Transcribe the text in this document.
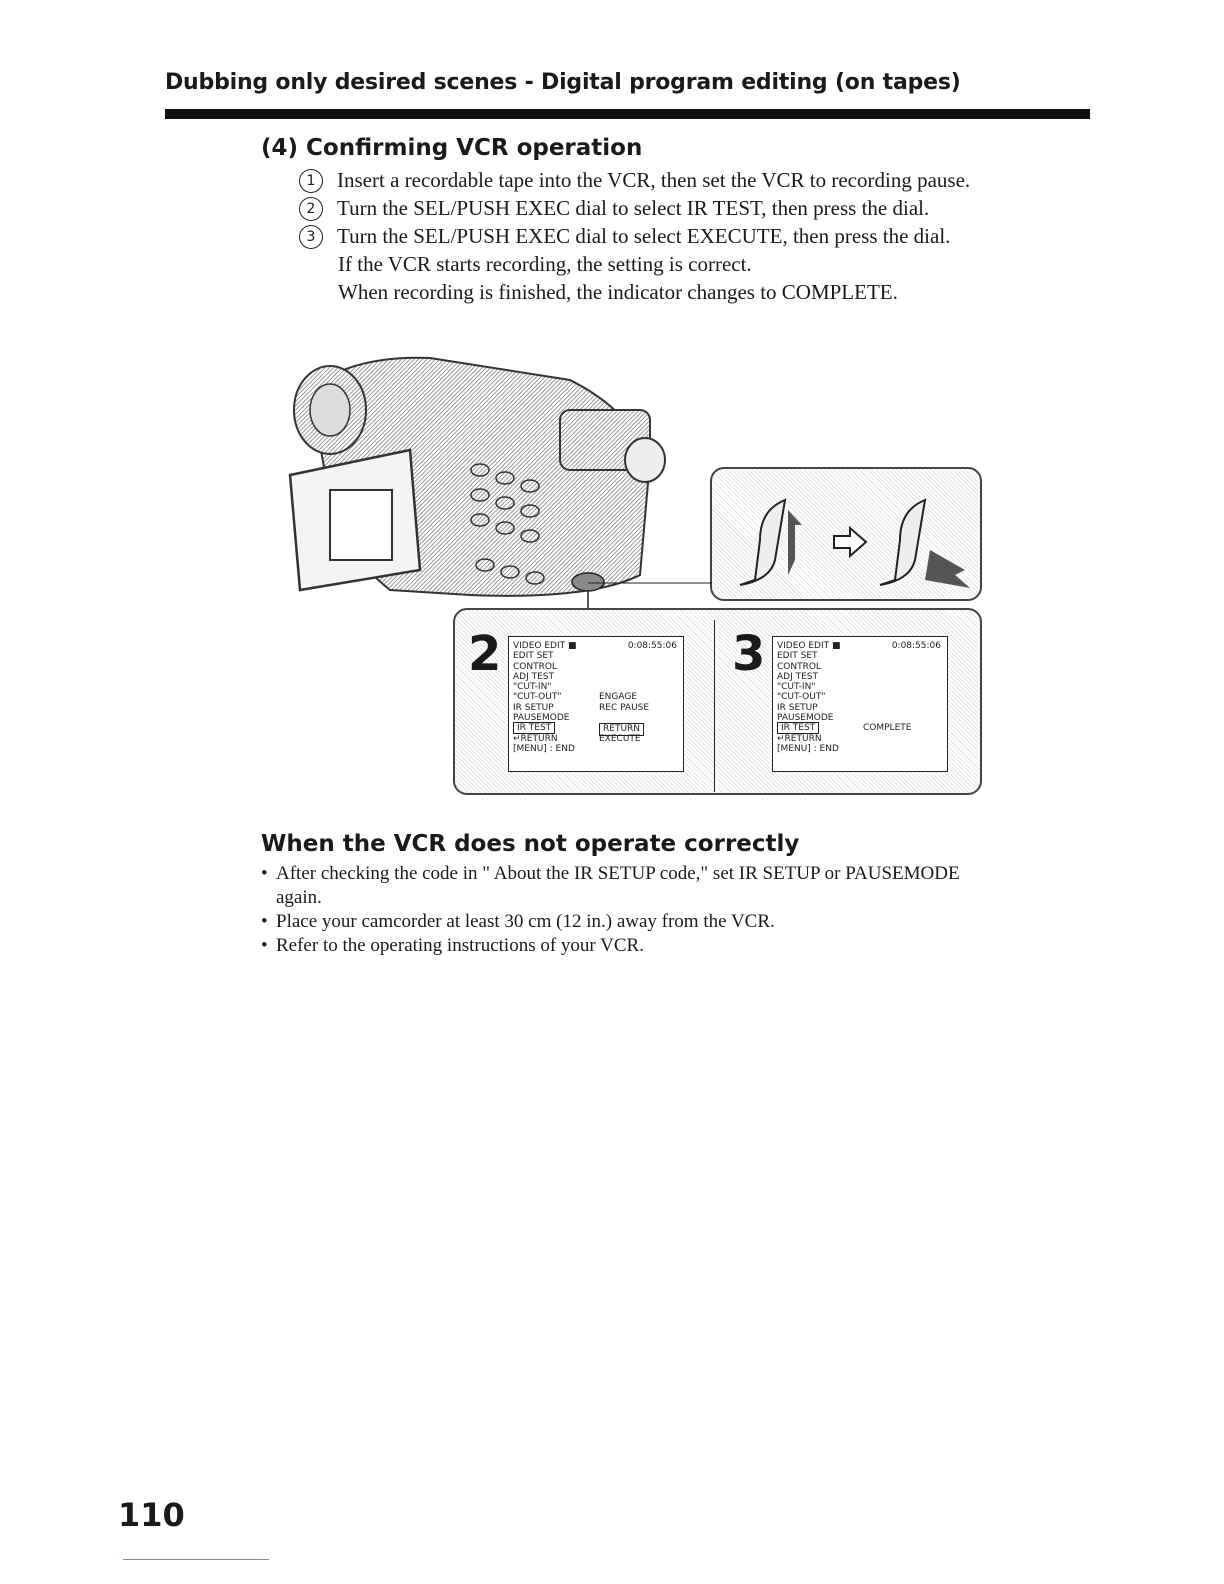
Dubbing only desired scenes - Digital program editing (on tapes)
(4) Confirming VCR operation
1	Insert a recordable tape into the VCR, then set the VCR to recording pause.
2	Turn the SEL/PUSH EXEC dial to select IR TEST, then press the dial.
3	Turn the SEL/PUSH EXEC dial to select EXECUTE, then press the dial.
If the VCR starts recording, the setting is correct.
When recording is finished, the indicator changes to COMPLETE.
2 VIDEO EDIT ■	0:08:55:06
EDIT SET
CONTROL
ADJ TEST
"CUT-IN"
"CUT-OUT"	ENGAGE
IR SETUP	REC PAUSE
PAUSEMODE
IR TEST	RETURN
↵RETURN	EXECUTE
[MENU] : END
3 VIDEO EDIT ■	0:08:55:06
EDIT SET
CONTROL
ADJ TEST
"CUT-IN"
"CUT-OUT"
IR SETUP
PAUSEMODE
IR TEST	COMPLETE
↵RETURN
[MENU] : END
When the VCR does not operate correctly
• After checking the code in " About the IR SETUP code," set IR SETUP or PAUSEMODE again.
• Place your camcorder at least 30 cm (12 in.) away from the VCR.
• Refer to the operating instructions of your VCR.
110
